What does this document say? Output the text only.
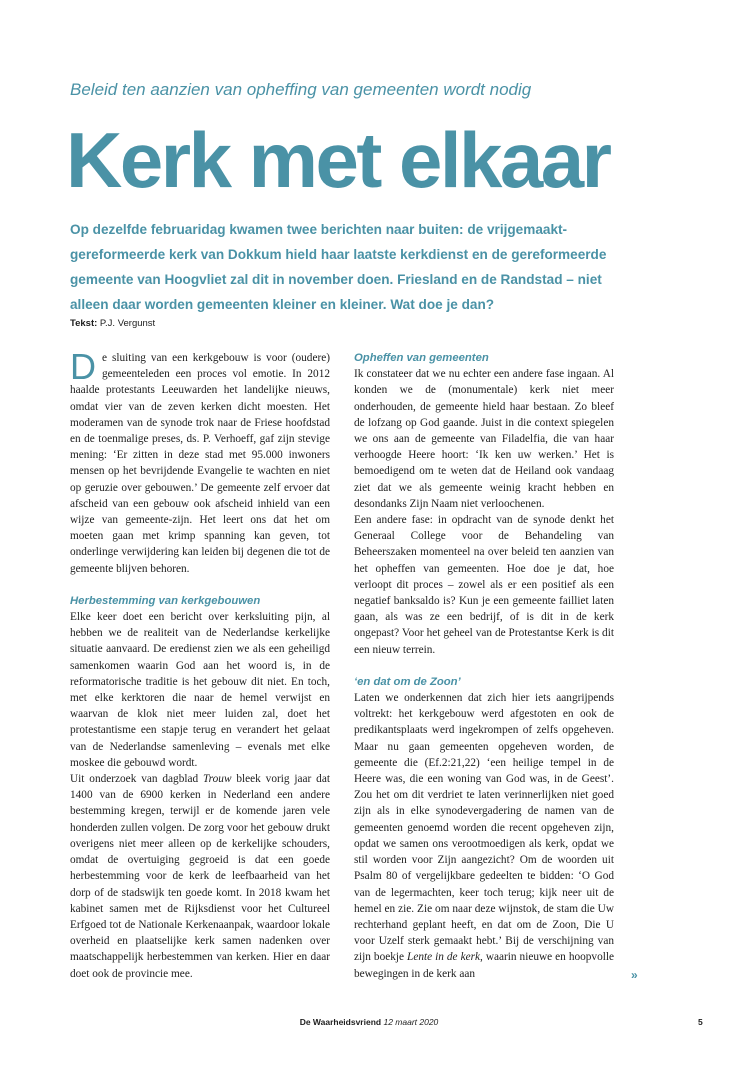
Beleid ten aanzien van opheffing van gemeenten wordt nodig
Kerk met elkaar
Op dezelfde februaridag kwamen twee berichten naar buiten: de vrijgemaakt-gereformeerde kerk van Dokkum hield haar laatste kerkdienst en de gereformeerde gemeente van Hoogvliet zal dit in november doen. Friesland en de Randstad – niet alleen daar worden gemeenten kleiner en kleiner. Wat doe je dan?
Tekst: P.J. Vergunst

De sluiting van een kerkgebouw is voor (oudere) gemeenteleden een proces vol emotie. In 2012 haalde protestants Leeuwarden het landelijke nieuws, omdat vier van de zeven kerken dicht moesten. Het moderamen van de synode trok naar de Friese hoofdstad en de toenmalige preses, ds. P. Verhoeff, gaf zijn stevige mening: ‘Er zitten in deze stad met 95.000 inwoners mensen op het bevrijdende Evangelie te wachten en niet op geruzie over gebouwen.’ De gemeente zelf ervoer dat afscheid van een gebouw ook afscheid inhield van een wijze van gemeente-zijn. Het leert ons dat het om moeten gaan met krimp spanning kan geven, tot onderlinge verwijdering kan leiden bij degenen die tot de gemeente blijven behoren.

Herbestemming van kerkgebouwen

Elke keer doet een bericht over kerksluiting pijn, al hebben we de realiteit van de Nederlandse kerkelijke situatie aanvaard. De eredienst zien we als een geheiligd samenkomen waarin God aan het woord is, in de reformatorische traditie is het gebouw dit niet. En toch, met elke kerktoren die naar de hemel verwijst en waarvan de klok niet meer luiden zal, doet het protestantisme een stapje terug en verandert het gelaat van de Nederlandse samenleving – evenals met elke moskee die gebouwd wordt.

Uit onderzoek van dagblad Trouw bleek vorig jaar dat 1400 van de 6900 kerken in Nederland een andere bestemming kregen, terwijl er de komende jaren vele honderden zullen volgen. De zorg voor het gebouw drukt overigens niet meer alleen op de kerkelijke schouders, omdat de overtuiging gegroeid is dat een goede herbestemming voor de kerk de leefbaarheid van het dorp of de stadswijk ten goede komt. In 2018 kwam het kabinet samen met de Rijksdienst voor het Cultureel Erfgoed tot de Nationale Kerkenaanpak, waardoor lokale overheid en plaatselijke kerk samen nadenken over maatschappelijk herbestemmen van kerken. Hier en daar doet ook de provincie mee.

Opheffen van gemeenten

Ik constateer dat we nu echter een andere fase ingaan. Al konden we de (monumentale) kerk niet meer onderhouden, de gemeente hield haar bestaan. Zo bleef de lofzang op God gaande. Juist in die context spiegelen we ons aan de gemeente van Filadelfia, die van haar verhoogde Heere hoort: ‘Ik ken uw werken.’ Het is bemoedigend om te weten dat de Heiland ook vandaag ziet dat we als gemeente weinig kracht hebben en desondanks Zijn Naam niet verloochenen.

Een andere fase: in opdracht van de synode denkt het Generaal College voor de Behandeling van Beheerszaken momenteel na over beleid ten aanzien van het opheffen van gemeenten. Hoe doe je dat, hoe verloopt dit proces – zowel als er een positief als een negatief banksaldo is? Kun je een gemeente failliet laten gaan, als was ze een bedrijf, of is dit in de kerk ongepast? Voor het geheel van de Protestantse Kerk is dit een nieuw terrein.

‘en dat om de Zoon’

Laten we onderkennen dat zich hier iets aangrijpends voltrekt: het kerkgebouw werd afgestoten en ook de predikantsplaats werd ingekrompen of zelfs opgeheven. Maar nu gaan gemeenten opgeheven worden, de gemeente die (Ef.2:21,22) ‘een heilige tempel in de Heere was, die een woning van God was, in de Geest’. Zou het om dit verdriet te laten verinnerlijken niet goed zijn als in elke synodevergadering de namen van de gemeenten genoemd worden die recent opgeheven zijn, opdat we samen ons verootmoedigen als kerk, opdat we stil worden voor Zijn aangezicht? Om de woorden uit Psalm 80 of vergelijkbare gedeelten te bidden: ‘O God van de legermachten, keer toch terug; kijk neer uit de hemel en zie. Zie om naar deze wijnstok, de stam die Uw rechterhand geplant heeft, en dat om de Zoon, Die U voor Uzelf sterk gemaakt hebt.’ Bij de verschijning van zijn boekje Lente in de kerk, waarin nieuwe en hoopvolle bewegingen in de kerk aan	»
De Waarheidsvriend 12 maart 2020	5
